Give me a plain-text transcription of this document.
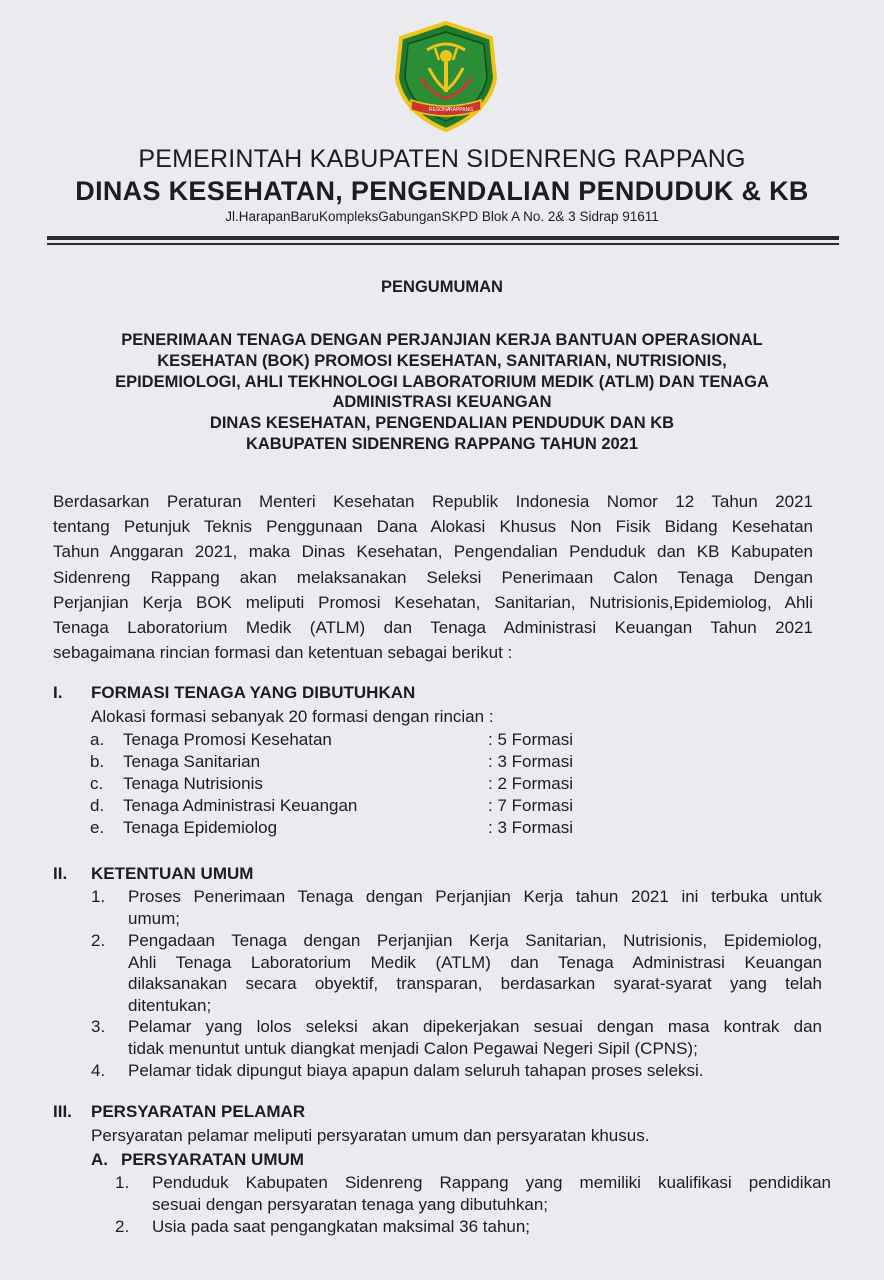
RESONA
RAPPANG
PEMERINTAH KABUPATEN SIDENRENG RAPPANG
DINAS KESEHATAN, PENGENDALIAN PENDUDUK & KB
Jl.HarapanBaruKompleksGabunganSKPD Blok A No. 2& 3 Sidrap 91611
PENGUMUMAN
PENERIMAAN TENAGA DENGAN PERJANJIAN KERJA BANTUAN OPERASIONAL
KESEHATAN (BOK) PROMOSI KESEHATAN, SANITARIAN, NUTRISIONIS,
EPIDEMIOLOGI, AHLI TEKHNOLOGI LABORATORIUM MEDIK (ATLM) DAN TENAGA
ADMINISTRASI KEUANGAN
DINAS KESEHATAN, PENGENDALIAN PENDUDUK DAN KB
KABUPATEN SIDENRENG RAPPANG TAHUN 2021
Berdasarkan Peraturan Menteri Kesehatan Republik Indonesia Nomor 12 Tahun 2021
tentang Petunjuk Teknis Penggunaan Dana Alokasi Khusus Non Fisik Bidang Kesehatan
Tahun Anggaran 2021, maka Dinas Kesehatan, Pengendalian Penduduk dan KB Kabupaten
Sidenreng Rappang akan melaksanakan Seleksi Penerimaan Calon Tenaga Dengan
Perjanjian Kerja BOK meliputi Promosi Kesehatan, Sanitarian, Nutrisionis,Epidemiolog, Ahli
Tenaga Laboratorium Medik (ATLM) dan Tenaga Administrasi Keuangan Tahun 2021
sebagaimana rincian formasi dan ketentuan sebagai berikut :
I. FORMASI TENAGA YANG DIBUTUHKAN
Alokasi formasi sebanyak 20 formasi dengan rincian :
a.	Tenaga Promosi Kesehatan	: 5 Formasi
b.	Tenaga Sanitarian	: 3 Formasi
c.	Tenaga Nutrisionis	: 2 Formasi
d.	Tenaga Administrasi Keuangan	: 7 Formasi
e.	Tenaga Epidemiolog	: 3 Formasi
II. KETENTUAN UMUM
1. Proses Penerimaan Tenaga dengan Perjanjian Kerja tahun 2021 ini terbuka untuk
umum;
2. Pengadaan Tenaga dengan Perjanjian Kerja Sanitarian, Nutrisionis, Epidemiolog,
Ahli Tenaga Laboratorium Medik (ATLM) dan Tenaga Administrasi Keuangan
dilaksanakan secara obyektif, transparan, berdasarkan syarat-syarat yang telah
ditentukan;
3. Pelamar yang lolos seleksi akan dipekerjakan sesuai dengan masa kontrak dan
tidak menuntut untuk diangkat menjadi Calon Pegawai Negeri Sipil (CPNS);
4. Pelamar tidak dipungut biaya apapun dalam seluruh tahapan proses seleksi.
III. PERSYARATAN PELAMAR
Persyaratan pelamar meliputi persyaratan umum dan persyaratan khusus.
A. PERSYARATAN UMUM
1. Penduduk Kabupaten Sidenreng Rappang yang memiliki kualifikasi pendidikan
sesuai dengan persyaratan tenaga yang dibutuhkan;
2. Usia pada saat pengangkatan maksimal 36 tahun;
